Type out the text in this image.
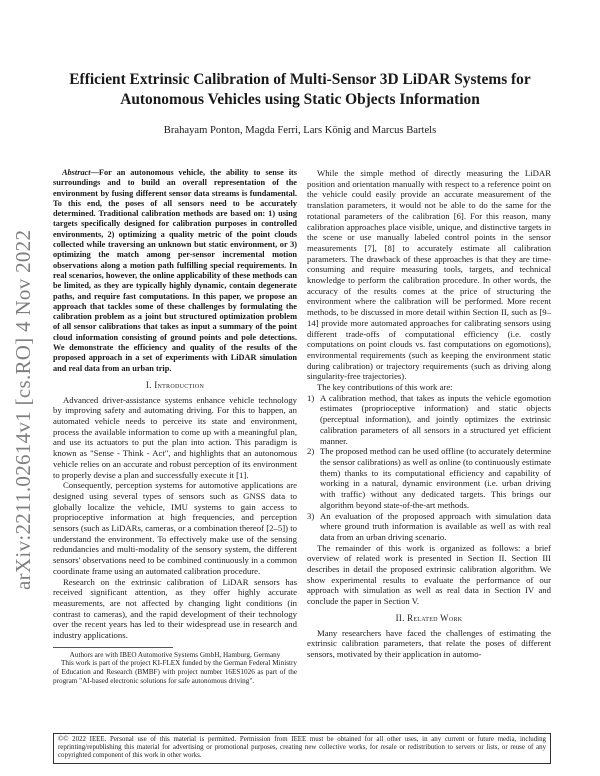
arXiv:2211.02614v1 [cs.RO] 4 Nov 2022
Efficient Extrinsic Calibration of Multi-Sensor 3D LiDAR Systems for Autonomous Vehicles using Static Objects Information
Brahayam Ponton, Magda Ferri, Lars König and Marcus Bartels

Abstract—For an autonomous vehicle, the ability to sense its surroundings and to build an overall representation of the environment by fusing different sensor data streams is fundamental. To this end, the poses of all sensors need to be accurately determined. Traditional calibration methods are based on: 1) using targets specifically designed for calibration purposes in controlled environments, 2) optimizing a quality metric of the point clouds collected while traversing an unknown but static environment, or 3) optimizing the match among per-sensor incremental motion observations along a motion path fulfilling special requirements. In real scenarios, however, the online applicability of these methods can be limited, as they are typically highly dynamic, contain degenerate paths, and require fast computations. In this paper, we propose an approach that tackles some of these challenges by formulating the calibration problem as a joint but structured optimization problem of all sensor calibrations that takes as input a summary of the point cloud information consisting of ground points and pole detections. We demonstrate the efficiency and quality of the results of the proposed approach in a set of experiments with LiDAR simulation and real data from an urban trip.

I. Introduction

Advanced driver-assistance systems enhance vehicle technology by improving safety and automating driving. For this to happen, an automated vehicle needs to perceive its state and environment, process the available information to come up with a meaningful plan, and use its actuators to put the plan into action. This paradigm is known as "Sense - Think - Act", and highlights that an autonomous vehicle relies on an accurate and robust perception of its environment to properly devise a plan and successfully execute it [1].

Consequently, perception systems for automotive applications are designed using several types of sensors such as GNSS data to globally localize the vehicle, IMU systems to gain access to proprioceptive information at high frequencies, and perception sensors (such as LiDARs, cameras, or a combination thereof [2–5]) to understand the environment. To effectively make use of the sensing redundancies and multi-modality of the sensory system, the different sensors' observations need to be combined continuously in a common coordinate frame using an automated calibration procedure.

Research on the extrinsic calibration of LiDAR sensors has received significant attention, as they offer highly accurate measurements, are not affected by changing light conditions (in contrast to cameras), and the rapid development of their technology over the recent years has led to their widespread use in research and industry applications.

Authors are with IBEO Automotive Systems GmbH, Hamburg, Germany

This work is part of the project KI-FLEX funded by the German Federal Ministry of Education and Research (BMBF) with project number 16ES1026 as part of the program "AI-based electronic solutions for safe autonomous driving".

While the simple method of directly measuring the LiDAR position and orientation manually with respect to a reference point on the vehicle could easily provide an accurate measurement of the translation parameters, it would not be able to do the same for the rotational parameters of the calibration [6]. For this reason, many calibration approaches place visible, unique, and distinctive targets in the scene or use manually labeled control points in the sensor measurements [7], [8] to accurately estimate all calibration parameters. The drawback of these approaches is that they are time-consuming and require measuring tools, targets, and technical knowledge to perform the calibration procedure. In other words, the accuracy of the results comes at the price of structuring the environment where the calibration will be performed. More recent methods, to be discussed in more detail within Section II, such as [9–14] provide more automated approaches for calibrating sensors using different trade-offs of computational efficiency (i.e. costly computations on point clouds vs. fast computations on egomotions), environmental requirements (such as keeping the environment static during calibration) or trajectory requirements (such as driving along singularity-free trajectories).

The key contributions of this work are:

1) A calibration method, that takes as inputs the vehicle egomotion estimates (proprioceptive information) and static objects (perceptual information), and jointly optimizes the extrinsic calibration parameters of all sensors in a structured yet efficient manner.
2) The proposed method can be used offline (to accurately determine the sensor calibrations) as well as online (to continuously estimate them) thanks to its computational efficiency and capability of working in a natural, dynamic environment (i.e. urban driving with traffic) without any dedicated targets. This brings our algorithm beyond state-of-the-art methods.
3) An evaluation of the proposed approach with simulation data where ground truth information is available as well as with real data from an urban driving scenario.

The remainder of this work is organized as follows: a brief overview of related work is presented in Section II. Section III describes in detail the proposed extrinsic calibration algorithm. We show experimental results to evaluate the performance of our approach with simulation as well as real data in Section IV and conclude the paper in Section V.

II. Related Work

Many researchers have faced the challenges of estimating the extrinsic calibration parameters, that relate the poses of different sensors, motivated by their application in automo-

©© 2022 IEEE. Personal use of this material is permitted. Permission from IEEE must be obtained for all other uses, in any current or future media, including reprinting/republishing this material for advertising or promotional purposes, creating new collective works, for resale or redistribution to servers or lists, or reuse of any copyrighted component of this work in other works.
